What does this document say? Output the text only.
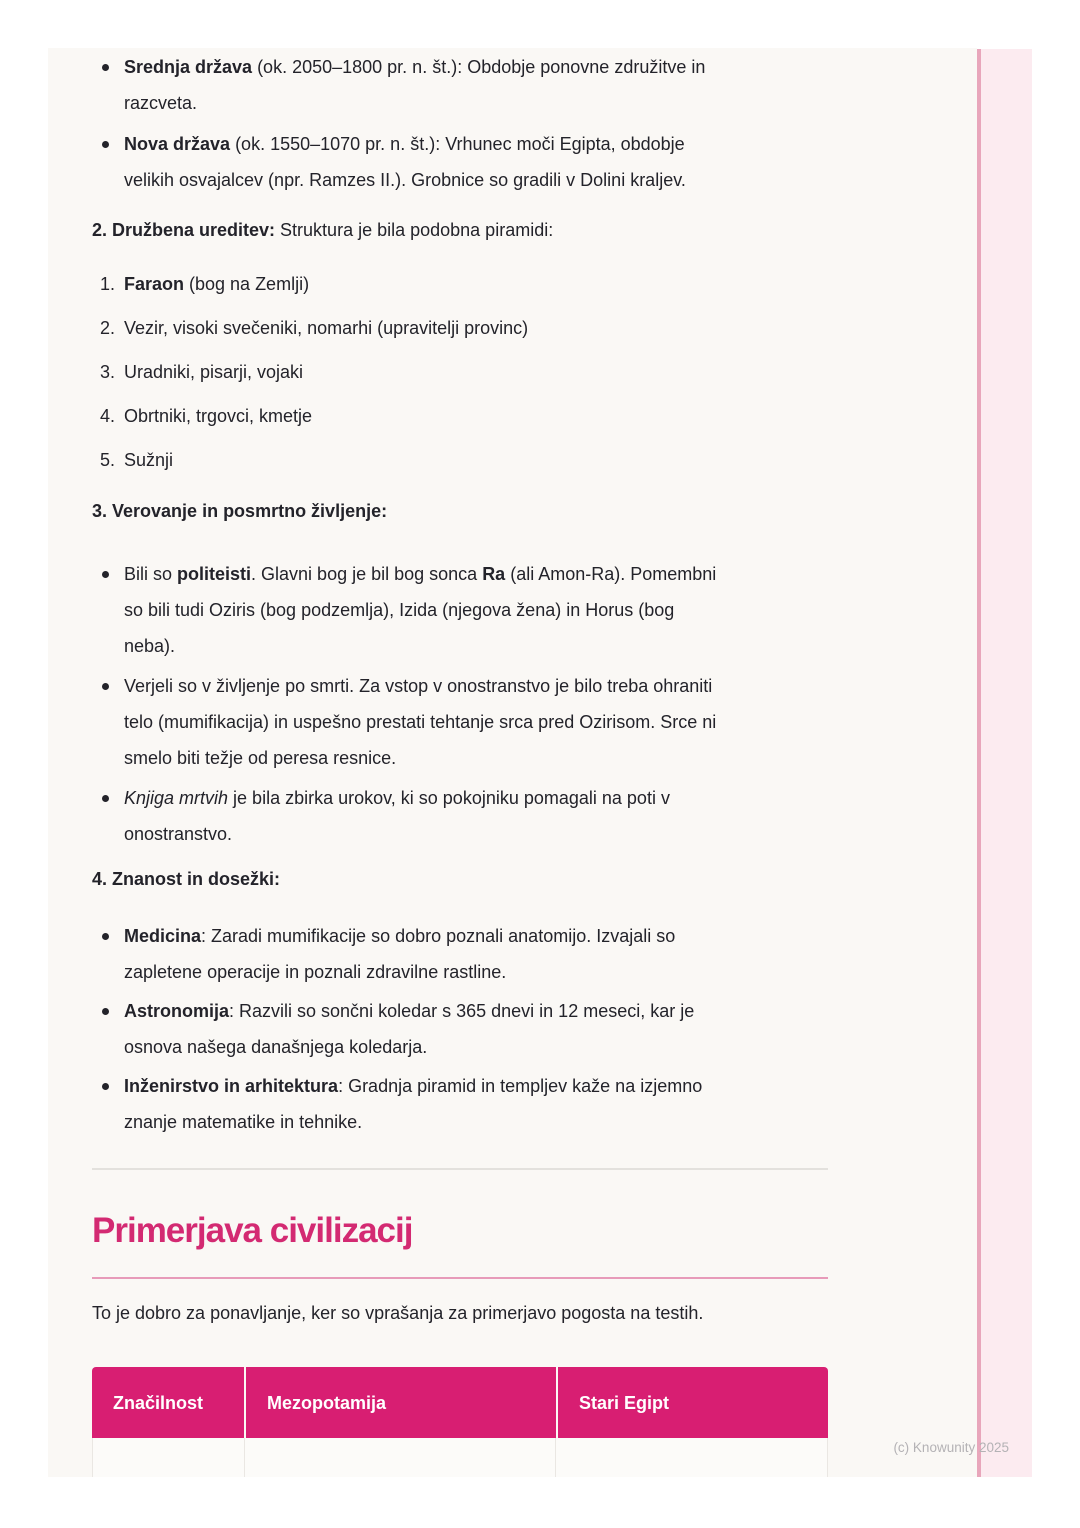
Srednja država (ok. 2050–1800 pr. n. št.): Obdobje ponovne združitve in
razcveta.
Nova država (ok. 1550–1070 pr. n. št.): Vrhunec moči Egipta, obdobje
velikih osvajalcev (npr. Ramzes II.). Grobnice so gradili v Dolini kraljev.
2. Družbena ureditev: Struktura je bila podobna piramidi:
1. Faraon (bog na Zemlji)
2. Vezir, visoki svečeniki, nomarhi (upravitelji provinc)
3. Uradniki, pisarji, vojaki
4. Obrtniki, trgovci, kmetje
5. Sužnji
3. Verovanje in posmrtno življenje:
Bili so politeisti. Glavni bog je bil bog sonca Ra (ali Amon-Ra). Pomembni
so bili tudi Oziris (bog podzemlja), Izida (njegova žena) in Horus (bog
neba).
Verjeli so v življenje po smrti. Za vstop v onostranstvo je bilo treba ohraniti
telo (mumifikacija) in uspešno prestati tehtanje srca pred Ozirisom. Srce ni
smelo biti težje od peresa resnice.
Knjiga mrtvih je bila zbirka urokov, ki so pokojniku pomagali na poti v
onostranstvo.
4. Znanost in dosežki:
Medicina: Zaradi mumifikacije so dobro poznali anatomijo. Izvajali so
zapletene operacije in poznali zdravilne rastline.
Astronomija: Razvili so sončni koledar s 365 dnevi in 12 meseci, kar je
osnova našega današnjega koledarja.
Inženirstvo in arhitektura: Gradnja piramid in templjev kaže na izjemno
znanje matematike in tehnike.
Primerjava civilizacij

To je dobro za ponavljanje, ker so vprašanja za primerjavo pogosta na testih.

Značilnost	Mezopotamija	Stari Egipt
(c) Knowunity 2025
